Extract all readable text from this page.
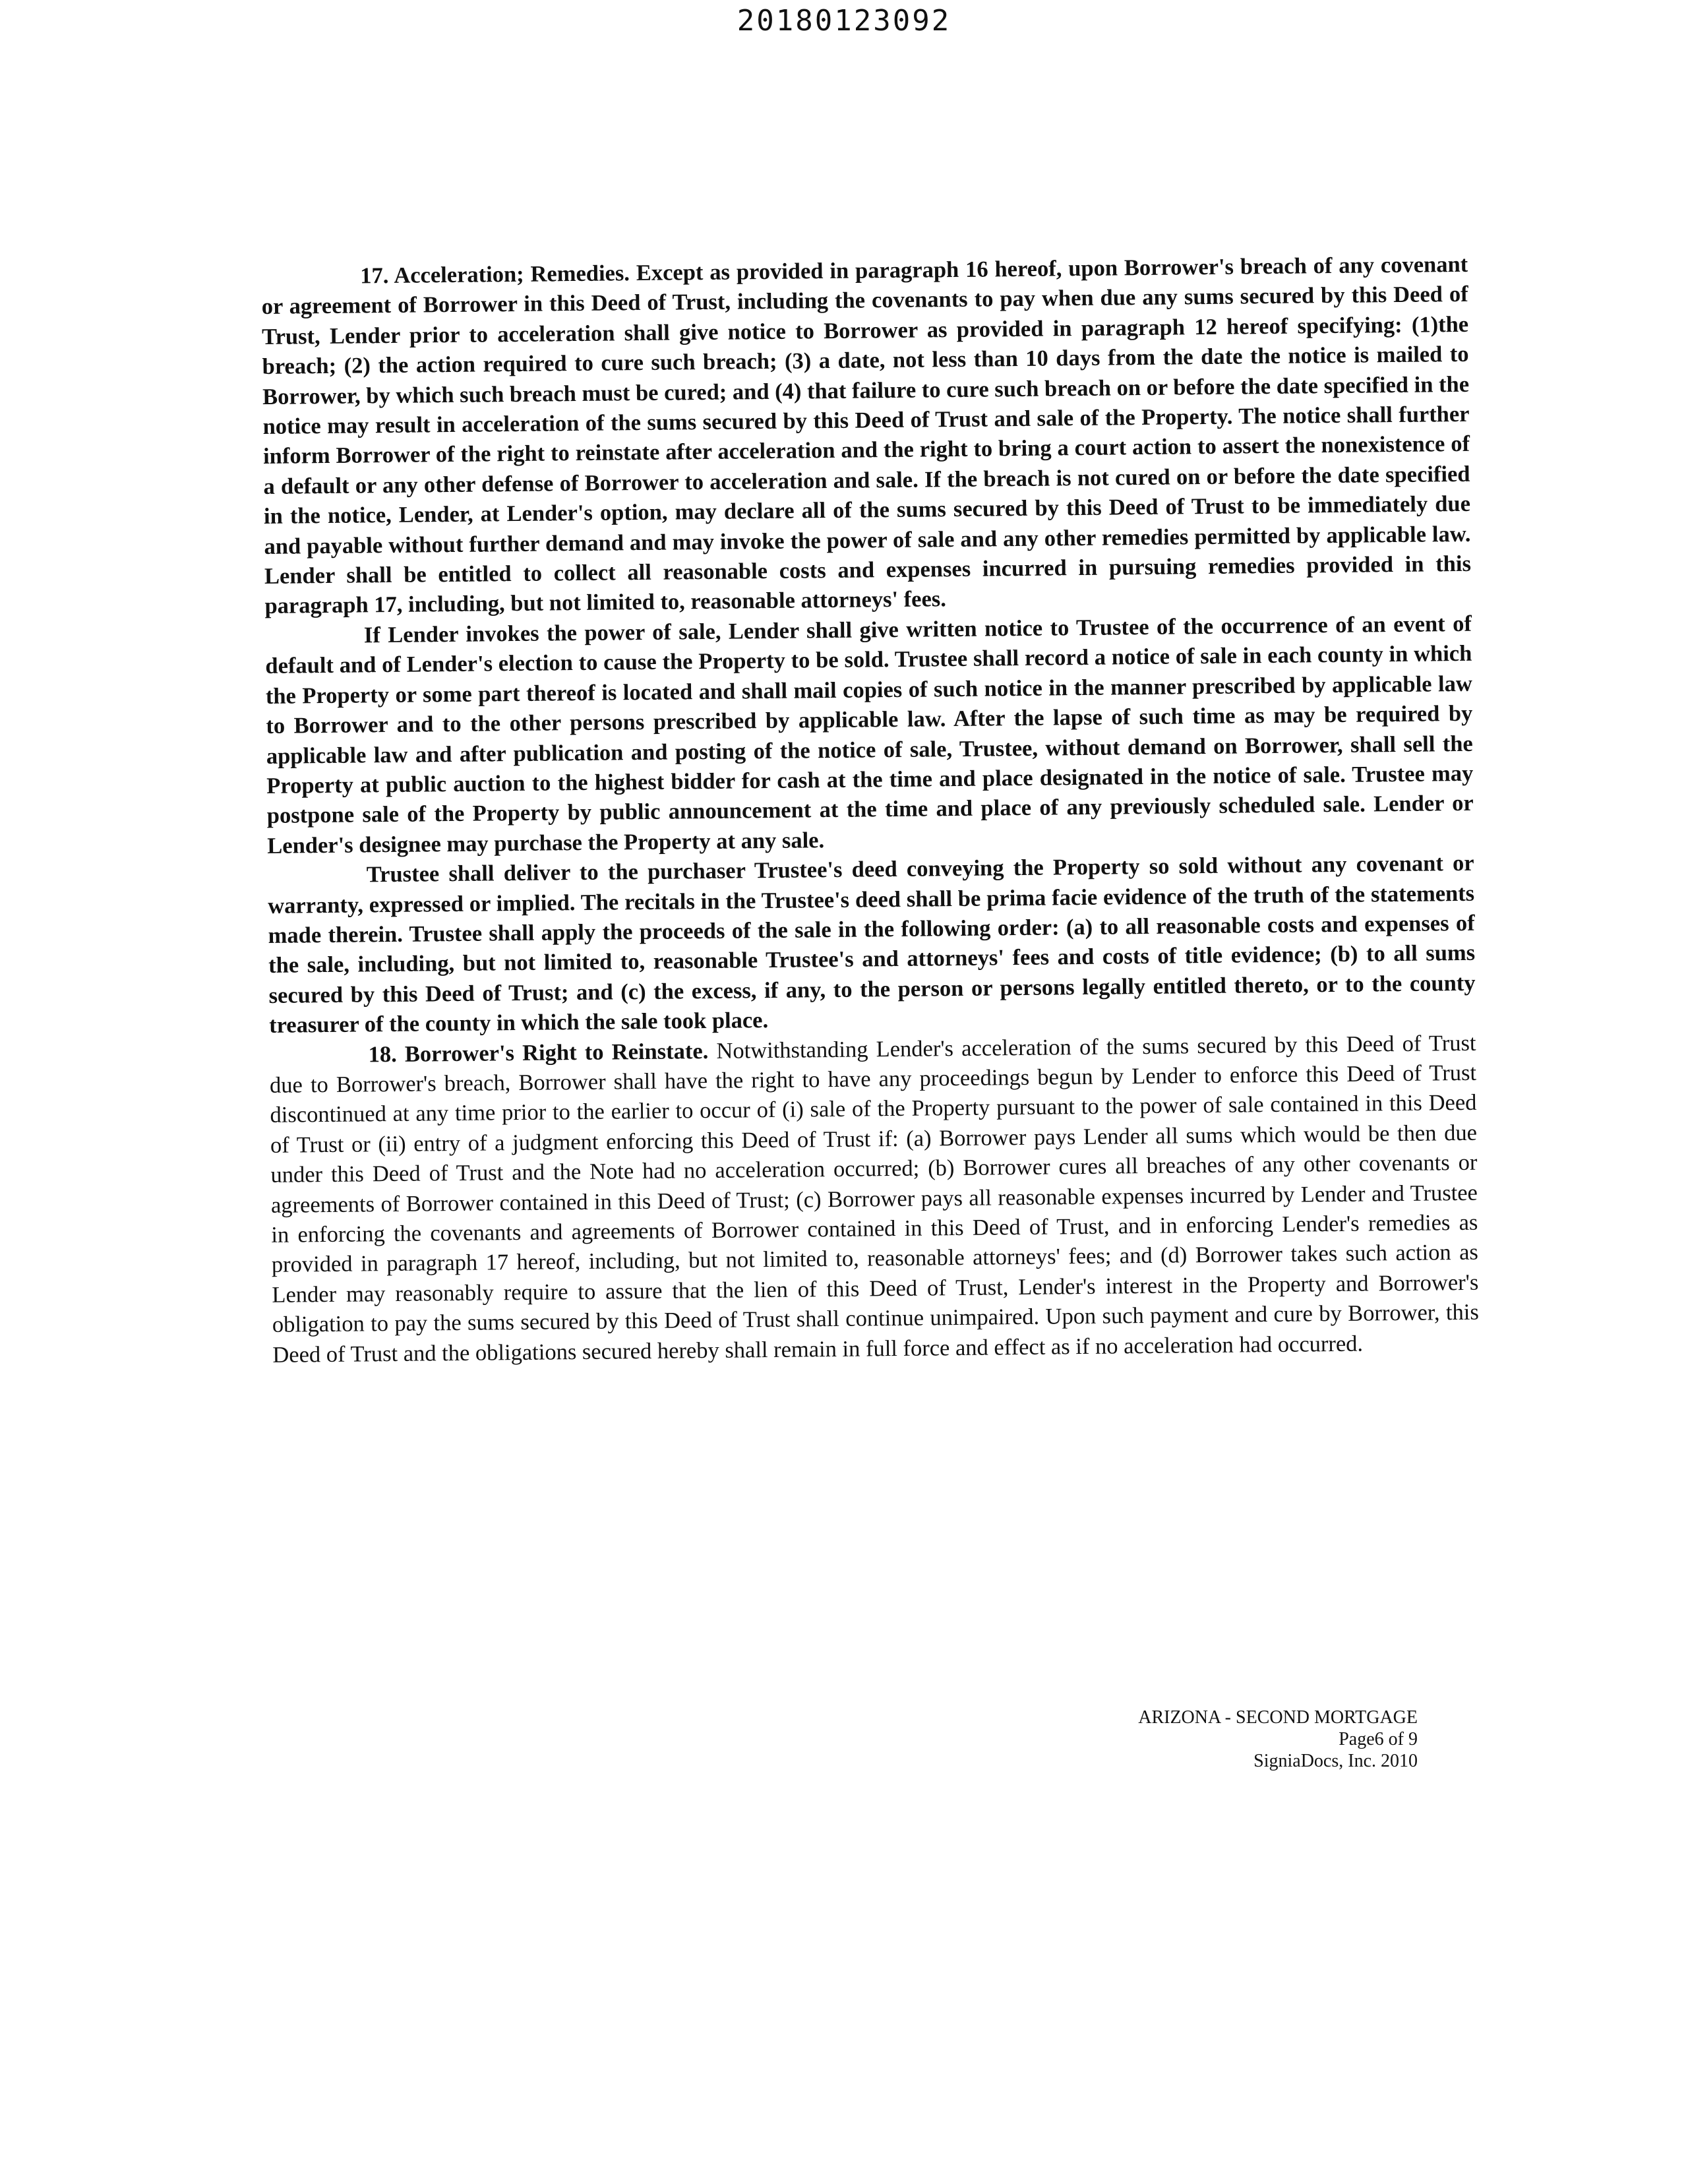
20180123092

17. Acceleration; Remedies. Except as provided in paragraph 16 hereof, upon Borrower's breach of any covenant or agreement of Borrower in this Deed of Trust, including the covenants to pay when due any sums secured by this Deed of Trust, Lender prior to acceleration shall give notice to Borrower as provided in paragraph 12 hereof specifying: (1)the breach; (2) the action required to cure such breach; (3) a date, not less than 10 days from the date the notice is mailed to Borrower, by which such breach must be cured; and (4) that failure to cure such breach on or before the date specified in the notice may result in acceleration of the sums secured by this Deed of Trust and sale of the Property. The notice shall further inform Borrower of the right to reinstate after acceleration and the right to bring a court action to assert the nonexistence of a default or any other defense of Borrower to acceleration and sale. If the breach is not cured on or before the date specified in the notice, Lender, at Lender's option, may declare all of the sums secured by this Deed of Trust to be immediately due and payable without further demand and may invoke the power of sale and any other remedies permitted by applicable law. Lender shall be entitled to collect all reasonable costs and expenses incurred in pursuing remedies provided in this paragraph 17, including, but not limited to, reasonable attorneys' fees.

If Lender invokes the power of sale, Lender shall give written notice to Trustee of the occurrence of an event of default and of Lender's election to cause the Property to be sold. Trustee shall record a notice of sale in each county in which the Property or some part thereof is located and shall mail copies of such notice in the manner prescribed by applicable law to Borrower and to the other persons prescribed by applicable law. After the lapse of such time as may be required by applicable law and after publication and posting of the notice of sale, Trustee, without demand on Borrower, shall sell the Property at public auction to the highest bidder for cash at the time and place designated in the notice of sale. Trustee may postpone sale of the Property by public announcement at the time and place of any previously scheduled sale. Lender or Lender's designee may purchase the Property at any sale.

Trustee shall deliver to the purchaser Trustee's deed conveying the Property so sold without any covenant or warranty, expressed or implied. The recitals in the Trustee's deed shall be prima facie evidence of the truth of the statements made therein. Trustee shall apply the proceeds of the sale in the following order: (a) to all reasonable costs and expenses of the sale, including, but not limited to, reasonable Trustee's and attorneys' fees and costs of title evidence; (b) to all sums secured by this Deed of Trust; and (c) the excess, if any, to the person or persons legally entitled thereto, or to the county treasurer of the county in which the sale took place.

18. Borrower's Right to Reinstate. Notwithstanding Lender's acceleration of the sums secured by this Deed of Trust due to Borrower's breach, Borrower shall have the right to have any proceedings begun by Lender to enforce this Deed of Trust discontinued at any time prior to the earlier to occur of (i) sale of the Property pursuant to the power of sale contained in this Deed of Trust or (ii) entry of a judgment enforcing this Deed of Trust if: (a) Borrower pays Lender all sums which would be then due under this Deed of Trust and the Note had no acceleration occurred; (b) Borrower cures all breaches of any other covenants or agreements of Borrower contained in this Deed of Trust; (c) Borrower pays all reasonable expenses incurred by Lender and Trustee in enforcing the covenants and agreements of Borrower contained in this Deed of Trust, and in enforcing Lender's remedies as provided in paragraph 17 hereof, including, but not limited to, reasonable attorneys' fees; and (d) Borrower takes such action as Lender may reasonably require to assure that the lien of this Deed of Trust, Lender's interest in the Property and Borrower's obligation to pay the sums secured by this Deed of Trust shall continue unimpaired. Upon such payment and cure by Borrower, this Deed of Trust and the obligations secured hereby shall remain in full force and effect as if no acceleration had occurred.

ARIZONA - SECOND MORTGAGE
Page6 of 9
SigniaDocs, Inc. 2010
